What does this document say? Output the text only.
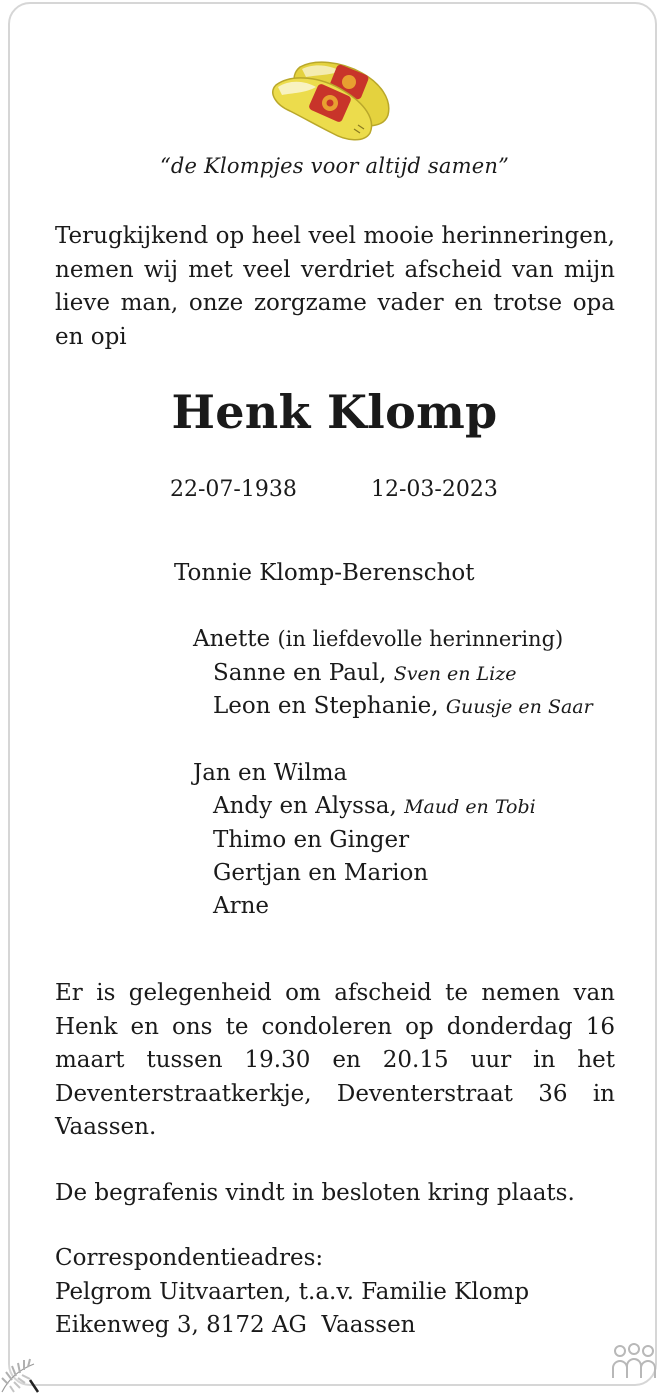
“de Klompjes voor altijd samen”
Terugkijkend op heel veel mooie herinneringen, nemen wij met veel verdriet afscheid van mijn lieve man, onze zorgzame vader en trotse opa en opi
Henk Klomp
22-07-1938	12-03-2023
Tonnie Klomp-Berenschot
Anette (in liefdevolle herinnering)
Sanne en Paul, Sven en Lize
Leon en Stephanie, Guusje en Saar
Jan en Wilma
Andy en Alyssa, Maud en Tobi
Thimo en Ginger
Gertjan en Marion
Arne
Er is gelegenheid om afscheid te nemen van Henk en ons te condoleren op donderdag 16 maart tussen 19.30 en 20.15 uur in het Deventerstraatkerkje, Deventerstraat 36 in Vaassen.
De begrafenis vindt in besloten kring plaats.
Correspondentieadres:
Pelgrom Uitvaarten, t.a.v. Familie Klomp
Eikenweg 3, 8172 AG  Vaassen
